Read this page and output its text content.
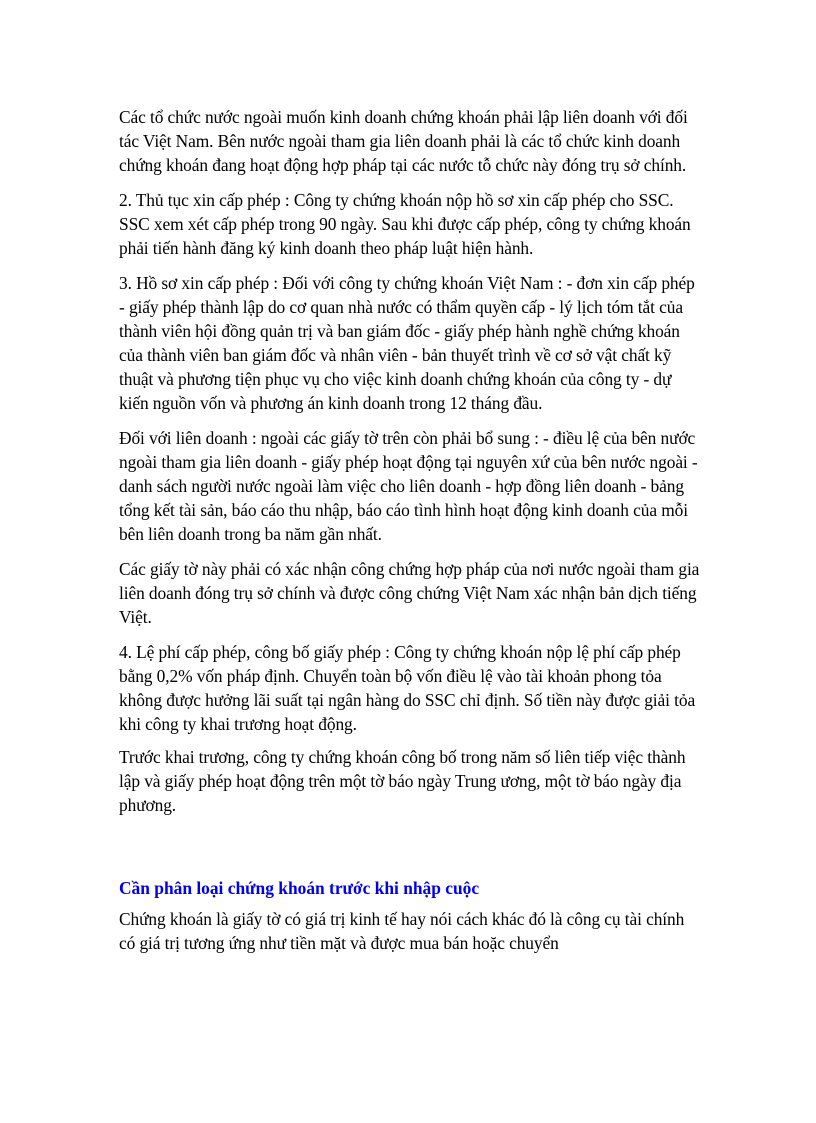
Các tổ chức nước ngoài muốn kinh doanh chứng khoán phải lập liên doanh với đối tác Việt Nam. Bên nước ngoài tham gia liên doanh phải là các tổ chức kinh doanh chứng khoán đang hoạt động hợp pháp tại các nước tỗ chức này đóng trụ sở chính.

2. Thủ tục xin cấp phép : Công ty chứng khoán nộp hồ sơ xin cấp phép cho SSC. SSC xem xét cấp phép trong 90 ngày. Sau khi được cấp phép, công ty chứng khoán phải tiến hành đăng ký kinh doanh theo pháp luật hiện hành.

3. Hồ sơ xin cấp phép : Đối với công ty chứng khoán Việt Nam : - đơn xin cấp phép - giấy phép thành lập do cơ quan nhà nước có thẩm quyền cấp - lý lịch tóm tắt của thành viên hội đồng quản trị và ban giám đốc - giấy phép hành nghề chứng khoán của thành viên ban giám đốc và nhân viên - bản thuyết trình về cơ sở vật chất kỹ thuật và phương tiện phục vụ cho việc kinh doanh chứng khoán của công ty - dự kiến nguồn vốn và phương án kinh doanh trong 12 tháng đầu.

Đối với liên doanh : ngoài các giấy tờ trên còn phải bổ sung : - điều lệ của bên nước ngoài tham gia liên doanh - giấy phép hoạt động tại nguyên xứ của bên nước ngoài - danh sách người nước ngoài làm việc cho liên doanh - hợp đồng liên doanh - bảng tổng kết tài sản, báo cáo thu nhập, báo cáo tình hình hoạt động kinh doanh của mỗi bên liên doanh trong ba năm gần nhất.

Các giấy tờ này phải có xác nhận công chứng hợp pháp của nơi nước ngoài tham gia liên doanh đóng trụ sở chính và được công chứng Việt Nam xác nhận bản dịch tiếng Việt.

4. Lệ phí cấp phép, công bố giấy phép : Công ty chứng khoán nộp lệ phí cấp phép bằng 0,2% vốn pháp định. Chuyển toàn bộ vốn điều lệ vào tài khoản phong tỏa không được hưởng lãi suất tại ngân hàng do SSC chỉ định. Số tiền này được giải tỏa khi công ty khai trương hoạt động.

Trước khai trương, công ty chứng khoán công bố trong năm số liên tiếp việc thành lập và giấy phép hoạt động trên một tờ báo ngày Trung ương, một tờ báo ngày địa phương.

Cần phân loại chứng khoán trước khi nhập cuộc

Chứng khoán là giấy tờ có giá trị kinh tế hay nói cách khác đó là công cụ tài chính có giá trị tương ứng như tiền mặt và được mua bán hoặc chuyển
